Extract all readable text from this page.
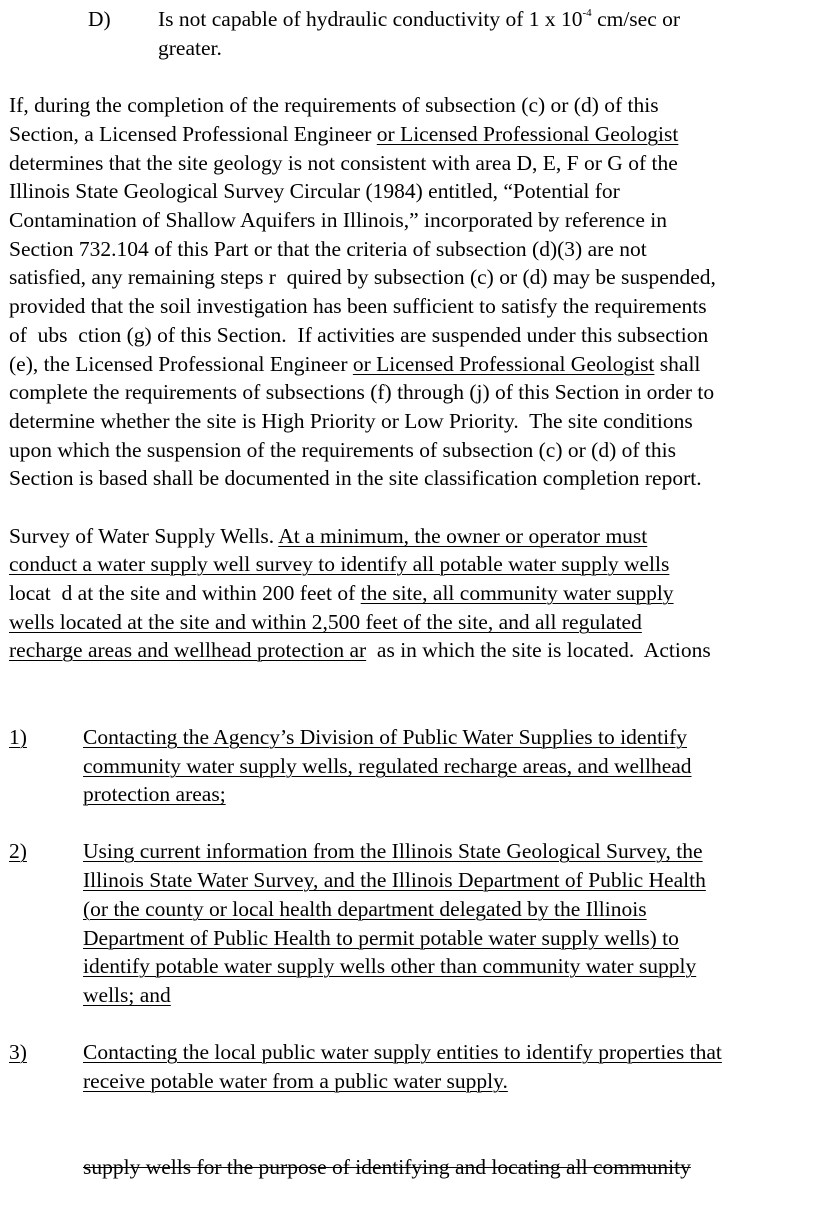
D) Is not capable of hydraulic conductivity of 1 x $10^{-4}$ cm/sec or
greater.
If, during the completion of the requirements of subsection (c) or (d) of this
Section, a Licensed Professional Engineer or Licensed Professional Geologist
determines that the site geology is not consistent with area D, E, F or G of the
Illinois State Geological Survey Circular (1984) entitled, “Potential for
Contamination of Shallow Aquifers in Illinois,” incorporated by reference in
Section 732.104 of this Part or that the criteria of subsection (d)(3) are not
satisfied, any remaining steps r  quired by subsection (c) or (d) may be suspended,
provided that the soil investigation has been sufficient to satisfy the requirements
of  ubs  ction (g) of this Section.  If activities are suspended under this subsection
(e), the Licensed Professional Engineer or Licensed Professional Geologist shall
complete the requirements of subsections (f) through (j) of this Section in order to
determine whether the site is High Priority or Low Priority.  The site conditions
upon which the suspension of the requirements of subsection (c) or (d) of this
Section is based shall be documented in the site classification completion report.
Survey of Water Supply Wells. At a minimum, the owner or operator must
conduct a water supply well survey to identify all potable water supply wells
locat  d at the site and within 200 feet of the site, all community water supply
wells located at the site and within 2,500 feet of the site, and all regulated
recharge areas and wellhead protection ar  as in which the site is located.  Actions
1)	Contacting the Agency’s Division of Public Water Supplies to identify
community water supply wells, regulated recharge areas, and wellhead
protection areas;
2)	Using current information from the Illinois State Geological Survey, the
Illinois State Water Survey, and the Illinois Department of Public Health
(or the county or local health department delegated by the Illinois
Department of Public Health to permit potable water supply wells) to
identify potable water supply wells other than community water supply
wells; and
3)	Contacting the local public water supply entities to identify properties that
receive potable water from a public water supply.
supply wells for the purpose of identifying and locating all community
